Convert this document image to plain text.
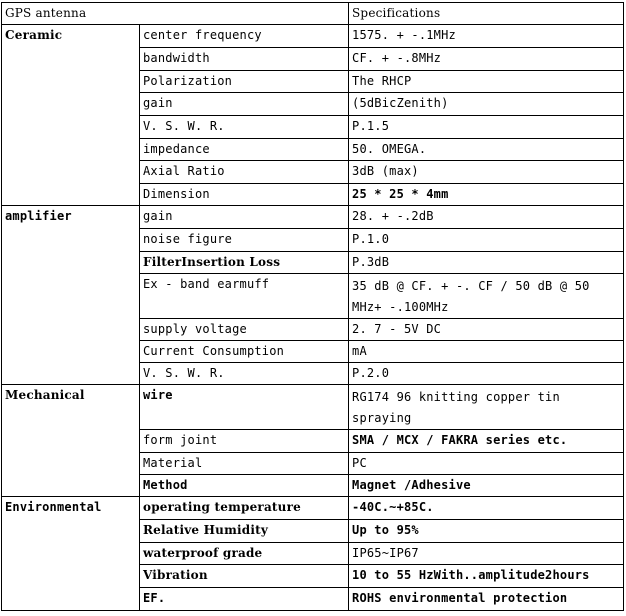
GPS antenna		Specifications
Ceramic	center frequency	1575. + -.1MHz
	bandwidth	CF. + -.8MHz
	Polarization	The RHCP
	gain	(5dBicZenith)
	V. S. W. R.	P.1.5
	impedance	50. OMEGA.
	Axial Ratio	3dB (max)
	Dimension	25 * 25 * 4mm
amplifier	gain	28. + -.2dB
	noise figure	P.1.0
	FilterInsertion Loss	P.3dB
	Ex - band earmuff	35 dB @ CF. + -. CF / 50 dB @ 50 MHz+ -.100MHz
	supply voltage	2. 7 - 5V DC
	Current Consumption	mA
	V. S. W. R.	P.2.0
Mechanical	wire	RG174 96 knitting copper tin spraying
	form joint	SMA / MCX / FAKRA series etc.
	Material	PC
	Method	Magnet /Adhesive
Environmental	operating temperature	-40C.~+85C.
	Relative Humidity	Up to 95%
	waterproof grade	IP65~IP67
	Vibration	10 to 55 HzWith..amplitude2hours
	EF.	ROHS environmental protection
